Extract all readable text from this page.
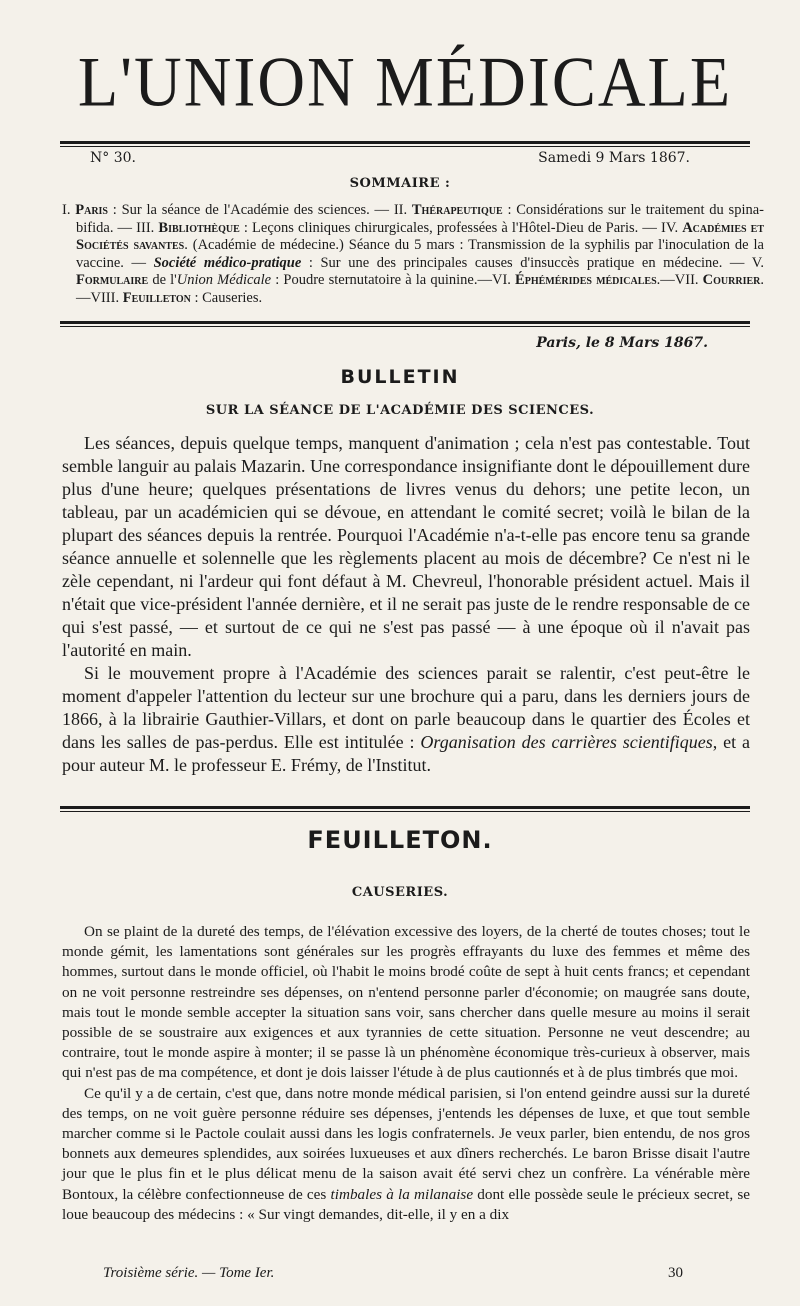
L'UNION MÉDICALE
N° 30.	Samedi 9 Mars 1867.
SOMMAIRE :
I. Paris : Sur la séance de l'Académie des sciences. — II. Thérapeutique : Considérations sur le traitement du spina-bifida. — III. Bibliothèque : Leçons cliniques chirurgicales, professées à l'Hôtel-Dieu de Paris. — IV. Académies et Sociétés savantes. (Académie de médecine.) Séance du 5 mars : Transmission de la syphilis par l'inoculation de la vaccine. — Société médico-pratique : Sur une des principales causes d'insuccès pratique en médecine. — V. Formulaire de l'Union Médicale : Poudre sternutatoire à la quinine.—VI. Éphémérides médicales.—VII. Courrier.—VIII. Feuilleton : Causeries.
Paris, le 8 Mars 1867.
BULLETIN
SUR LA SÉANCE DE L'ACADÉMIE DES SCIENCES.

Les séances, depuis quelque temps, manquent d'animation ; cela n'est pas contestable. Tout semble languir au palais Mazarin. Une correspondance insignifiante dont le dépouillement dure plus d'une heure; quelques présentations de livres venus du dehors; une petite lecon, un tableau, par un académicien qui se dévoue, en attendant le comité secret; voilà le bilan de la plupart des séances depuis la rentrée. Pourquoi l'Académie n'a-t-elle pas encore tenu sa grande séance annuelle et solennelle que les règlements placent au mois de décembre? Ce n'est ni le zèle cependant, ni l'ardeur qui font défaut à M. Chevreul, l'honorable président actuel. Mais il n'était que vice-président l'année dernière, et il ne serait pas juste de le rendre responsable de ce qui s'est passé, — et surtout de ce qui ne s'est pas passé — à une époque où il n'avait pas l'autorité en main.

Si le mouvement propre à l'Académie des sciences parait se ralentir, c'est peut-être le moment d'appeler l'attention du lecteur sur une brochure qui a paru, dans les derniers jours de 1866, à la librairie Gauthier-Villars, et dont on parle beaucoup dans le quartier des Écoles et dans les salles de pas-perdus. Elle est intitulée : Organisation des carrières scientifiques, et a pour auteur M. le professeur E. Frémy, de l'Institut.

FEUILLETON.
CAUSERIES.

On se plaint de la dureté des temps, de l'élévation excessive des loyers, de la cherté de toutes choses; tout le monde gémit, les lamentations sont générales sur les progrès effrayants du luxe des femmes et même des hommes, surtout dans le monde officiel, où l'habit le moins brodé coûte de sept à huit cents francs; et cependant on ne voit personne restreindre ses dépenses, on n'entend personne parler d'économie; on maugrée sans doute, mais tout le monde semble accepter la situation sans voir, sans chercher dans quelle mesure au moins il serait possible de se soustraire aux exigences et aux tyrannies de cette situation. Personne ne veut descendre; au contraire, tout le monde aspire à monter; il se passe là un phénomène économique très-curieux à observer, mais qui n'est pas de ma compétence, et dont je dois laisser l'étude à de plus cautionnés et à de plus timbrés que moi.

Ce qu'il y a de certain, c'est que, dans notre monde médical parisien, si l'on entend geindre aussi sur la dureté des temps, on ne voit guère personne réduire ses dépenses, j'entends les dépenses de luxe, et que tout semble marcher comme si le Pactole coulait aussi dans les logis confraternels. Je veux parler, bien entendu, de nos gros bonnets aux demeures splendides, aux soirées luxueuses et aux dîners recherchés. Le baron Brisse disait l'autre jour que le plus fin et le plus délicat menu de la saison avait été servi chez un confrère. La vénérable mère Bontoux, la célèbre confectionneuse de ces timbales à la milanaise dont elle possède seule le précieux secret, se loue beaucoup des médecins : « Sur vingt demandes, dit-elle, il y en a dix

Troisième série. — Tome Ier.	30
